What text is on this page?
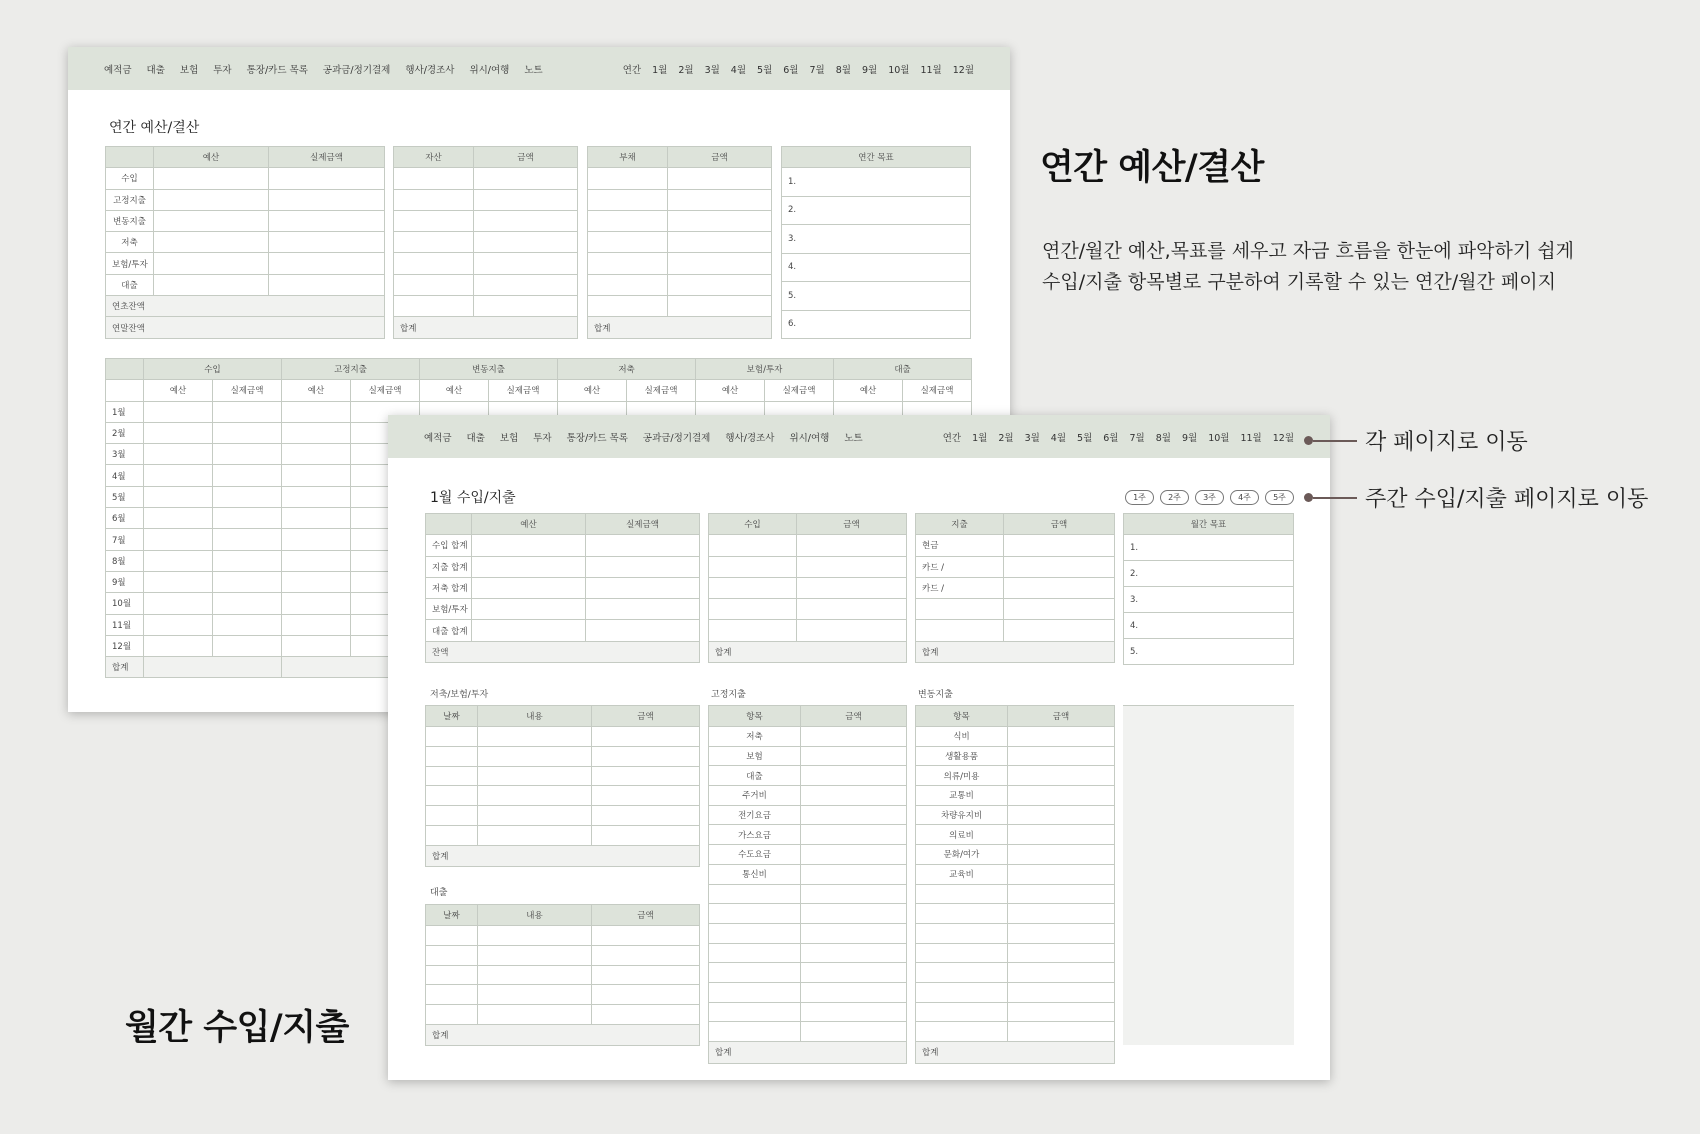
예적금 대출 보험 투자 통장/카드 목록 공과금/정기결제 행사/경조사 위시/여행 노트	연간 1월 2월 3월 4월 5월 6월 7월 8월 9월 10월 11월 12월
연간 예산/결산
	예산	실제금액
수입		
고정지출		
변동지출		
저축		
보험/투자		
대출		
연초잔액		
연말잔액		
자산	금액

합계	
부채	금액

합계	
연간 목표
1.
2.
3.
4.
5.
6.
	수입		고정지출		변동지출		저축		보험/투자		대출	
	예산	실제금액	예산	실제금액	예산	실제금액	예산	실제금액	예산	실제금액	예산	실제금액
1월												
2월												
3월												
4월												
5월												
6월												
7월												
8월												
9월												
10월												
11월												
12월												
합계												
예적금 대출 보험 투자 통장/카드 목록 공과금/정기결제 행사/경조사 위시/여행 노트	연간 1월 2월 3월 4월 5월 6월 7월 8월 9월 10월 11월 12월
1월 수입/지출	1주	2주	3주	4주	5주
	예산	실제금액
수입 합계		
지출 합계		
저축 합계		
보험/투자		
대출 합계		
잔액		
수입	금액

합계	
지출	금액
현금	
카드 /	
카드 /	

합계	
월간 목표
1.
2.
3.
4.
5.
저축/보험/투자	고정지출	변동지출
대출
날짜	내용	금액

합계		
날짜	내용	금액

합계		
항목	금액
저축	
보험	
대출	
주거비	
전기요금	
가스요금	
수도요금	
통신비	

합계	
항목	금액
식비	
생활용품	
의류/미용	
교통비	
차량유지비	
의료비	
문화/여가	
교육비	

합계	
연간 예산/결산
연간/월간 예산,목표를 세우고 자금 흐름을 한눈에 파악하기 쉽게
수입/지출 항목별로 구분하여 기록할 수 있는 연간/월간 페이지
각 페이지로 이동
주간 수입/지출 페이지로 이동
월간 수입/지출
